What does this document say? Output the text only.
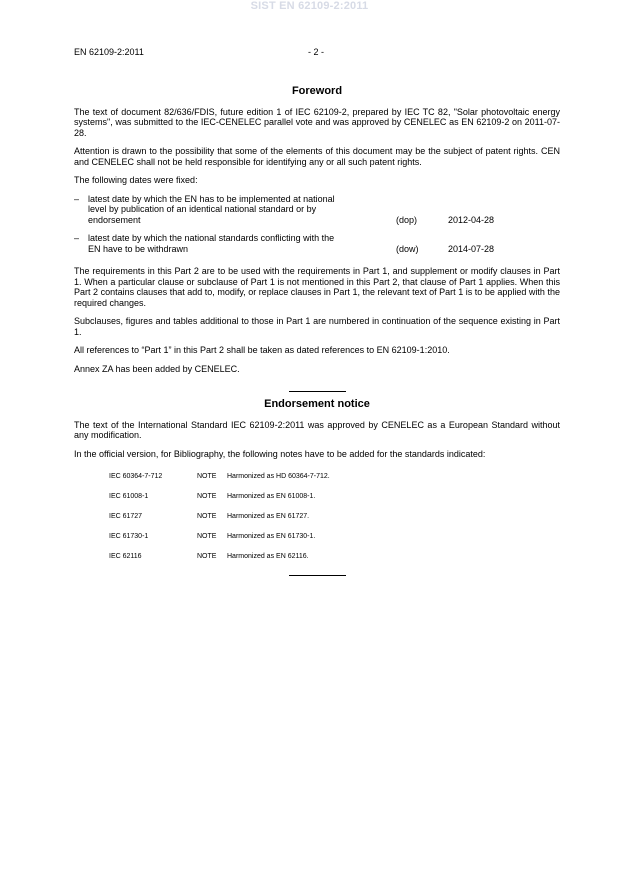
SIST EN 62109-2:2011
EN 62109-2:2011	- 2 -
Foreword

The text of document 82/636/FDIS, future edition 1 of IEC 62109-2, prepared by IEC TC 82, "Solar photovoltaic energy systems", was submitted to the IEC-CENELEC parallel vote and was approved by CENELEC as EN 62109-2 on 2011-07-28.

Attention is drawn to the possibility that some of the elements of this document may be the subject of patent rights. CEN and CENELEC shall not be held responsible for identifying any or all such patent rights.

The following dates were fixed:

– latest date by which the EN has to be implemented at national level by publication of an identical national standard or by endorsement	(dop)	2012-04-28
– latest date by which the national standards conflicting with the EN have to be withdrawn	(dow)	2014-07-28

The requirements in this Part 2 are to be used with the requirements in Part 1, and supplement or modify clauses in Part 1. When a particular clause or subclause of Part 1 is not mentioned in this Part 2, that clause of Part 1 applies. When this Part 2 contains clauses that add to, modify, or replace clauses in Part 1, the relevant text of Part 1 is to be applied with the required changes.

Subclauses, figures and tables additional to those in Part 1 are numbered in continuation of the sequence existing in Part 1.

All references to “Part 1” in this Part 2 shall be taken as dated references to EN 62109-1:2010.

Annex ZA has been added by CENELEC.

Endorsement notice

The text of the International Standard IEC 62109-2:2011 was approved by CENELEC as a European Standard without any modification.

In the official version, for Bibliography, the following notes have to be added for the standards indicated:

IEC 60364-7-712	NOTE	Harmonized as HD 60364-7-712.
IEC 61008-1	NOTE	Harmonized as EN 61008-1.
IEC 61727	NOTE	Harmonized as EN 61727.
IEC 61730-1	NOTE	Harmonized as EN 61730-1.
IEC 62116	NOTE	Harmonized as EN 62116.
